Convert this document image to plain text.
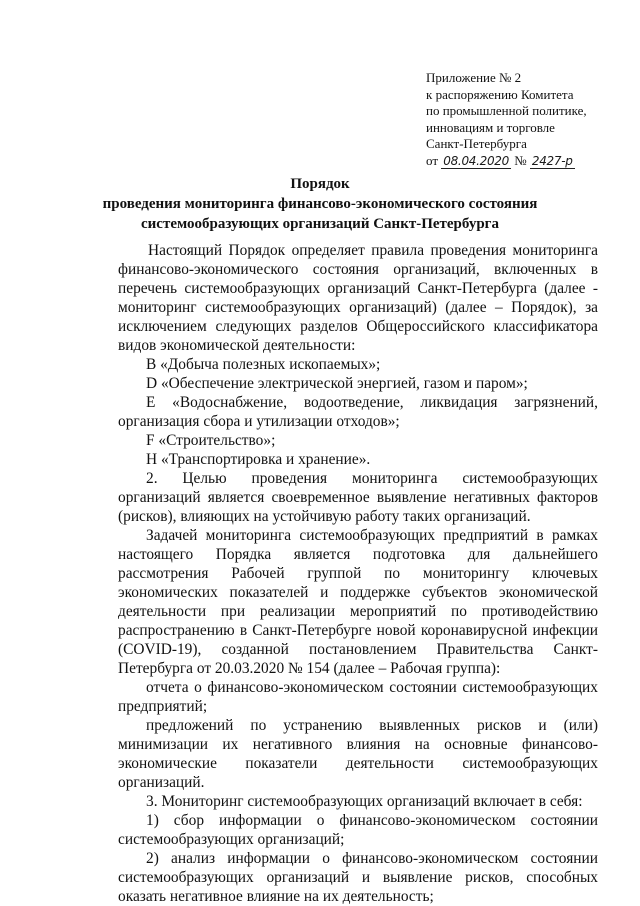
Приложение № 2
к распоряжению Комитета
по промышленной политике,
инновациям и торговле
Санкт-Петербурга
от 08.04.2020 № 2427-р
Порядок
проведения мониторинга финансово-экономического состояния
системообразующих организаций Санкт-Петербурга

Настоящий Порядок определяет правила проведения мониторинга финансово-экономического состояния организаций, включенных в перечень системообразующих организаций Санкт-Петербурга (далее - мониторинг системообразующих организаций) (далее – Порядок), за исключением следующих разделов Общероссийского классификатора видов экономической деятельности:

B «Добыча полезных ископаемых»;

D «Обеспечение электрической энергией, газом и паром»;

E «Водоснабжение, водоотведение, ликвидация загрязнений, организация сбора и утилизации отходов»;

F «Строительство»;

H «Транспортировка и хранение».

2. Целью проведения мониторинга системообразующих организаций является своевременное выявление негативных факторов (рисков), влияющих на устойчивую работу таких организаций.

Задачей мониторинга системообразующих предприятий в рамках настоящего Порядка является подготовка для дальнейшего рассмотрения Рабочей группой по мониторингу ключевых экономических показателей и поддержке субъектов экономической деятельности при реализации мероприятий по противодействию распространению в Санкт-Петербурге новой коронавирусной инфекции (COVID-19), созданной постановлением Правительства Санкт-Петербурга от 20.03.2020 № 154 (далее – Рабочая группа):

отчета о финансово-экономическом состоянии системообразующих предприятий;

предложений по устранению выявленных рисков и (или) минимизации их негативного влияния на основные финансово-экономические показатели деятельности системообразующих организаций.

3. Мониторинг системообразующих организаций включает в себя:

1) сбор информации о финансово-экономическом состоянии системообразующих организаций;

2) анализ информации о финансово-экономическом состоянии системообразующих организаций и выявление рисков, способных оказать негативное влияние на их деятельность;
